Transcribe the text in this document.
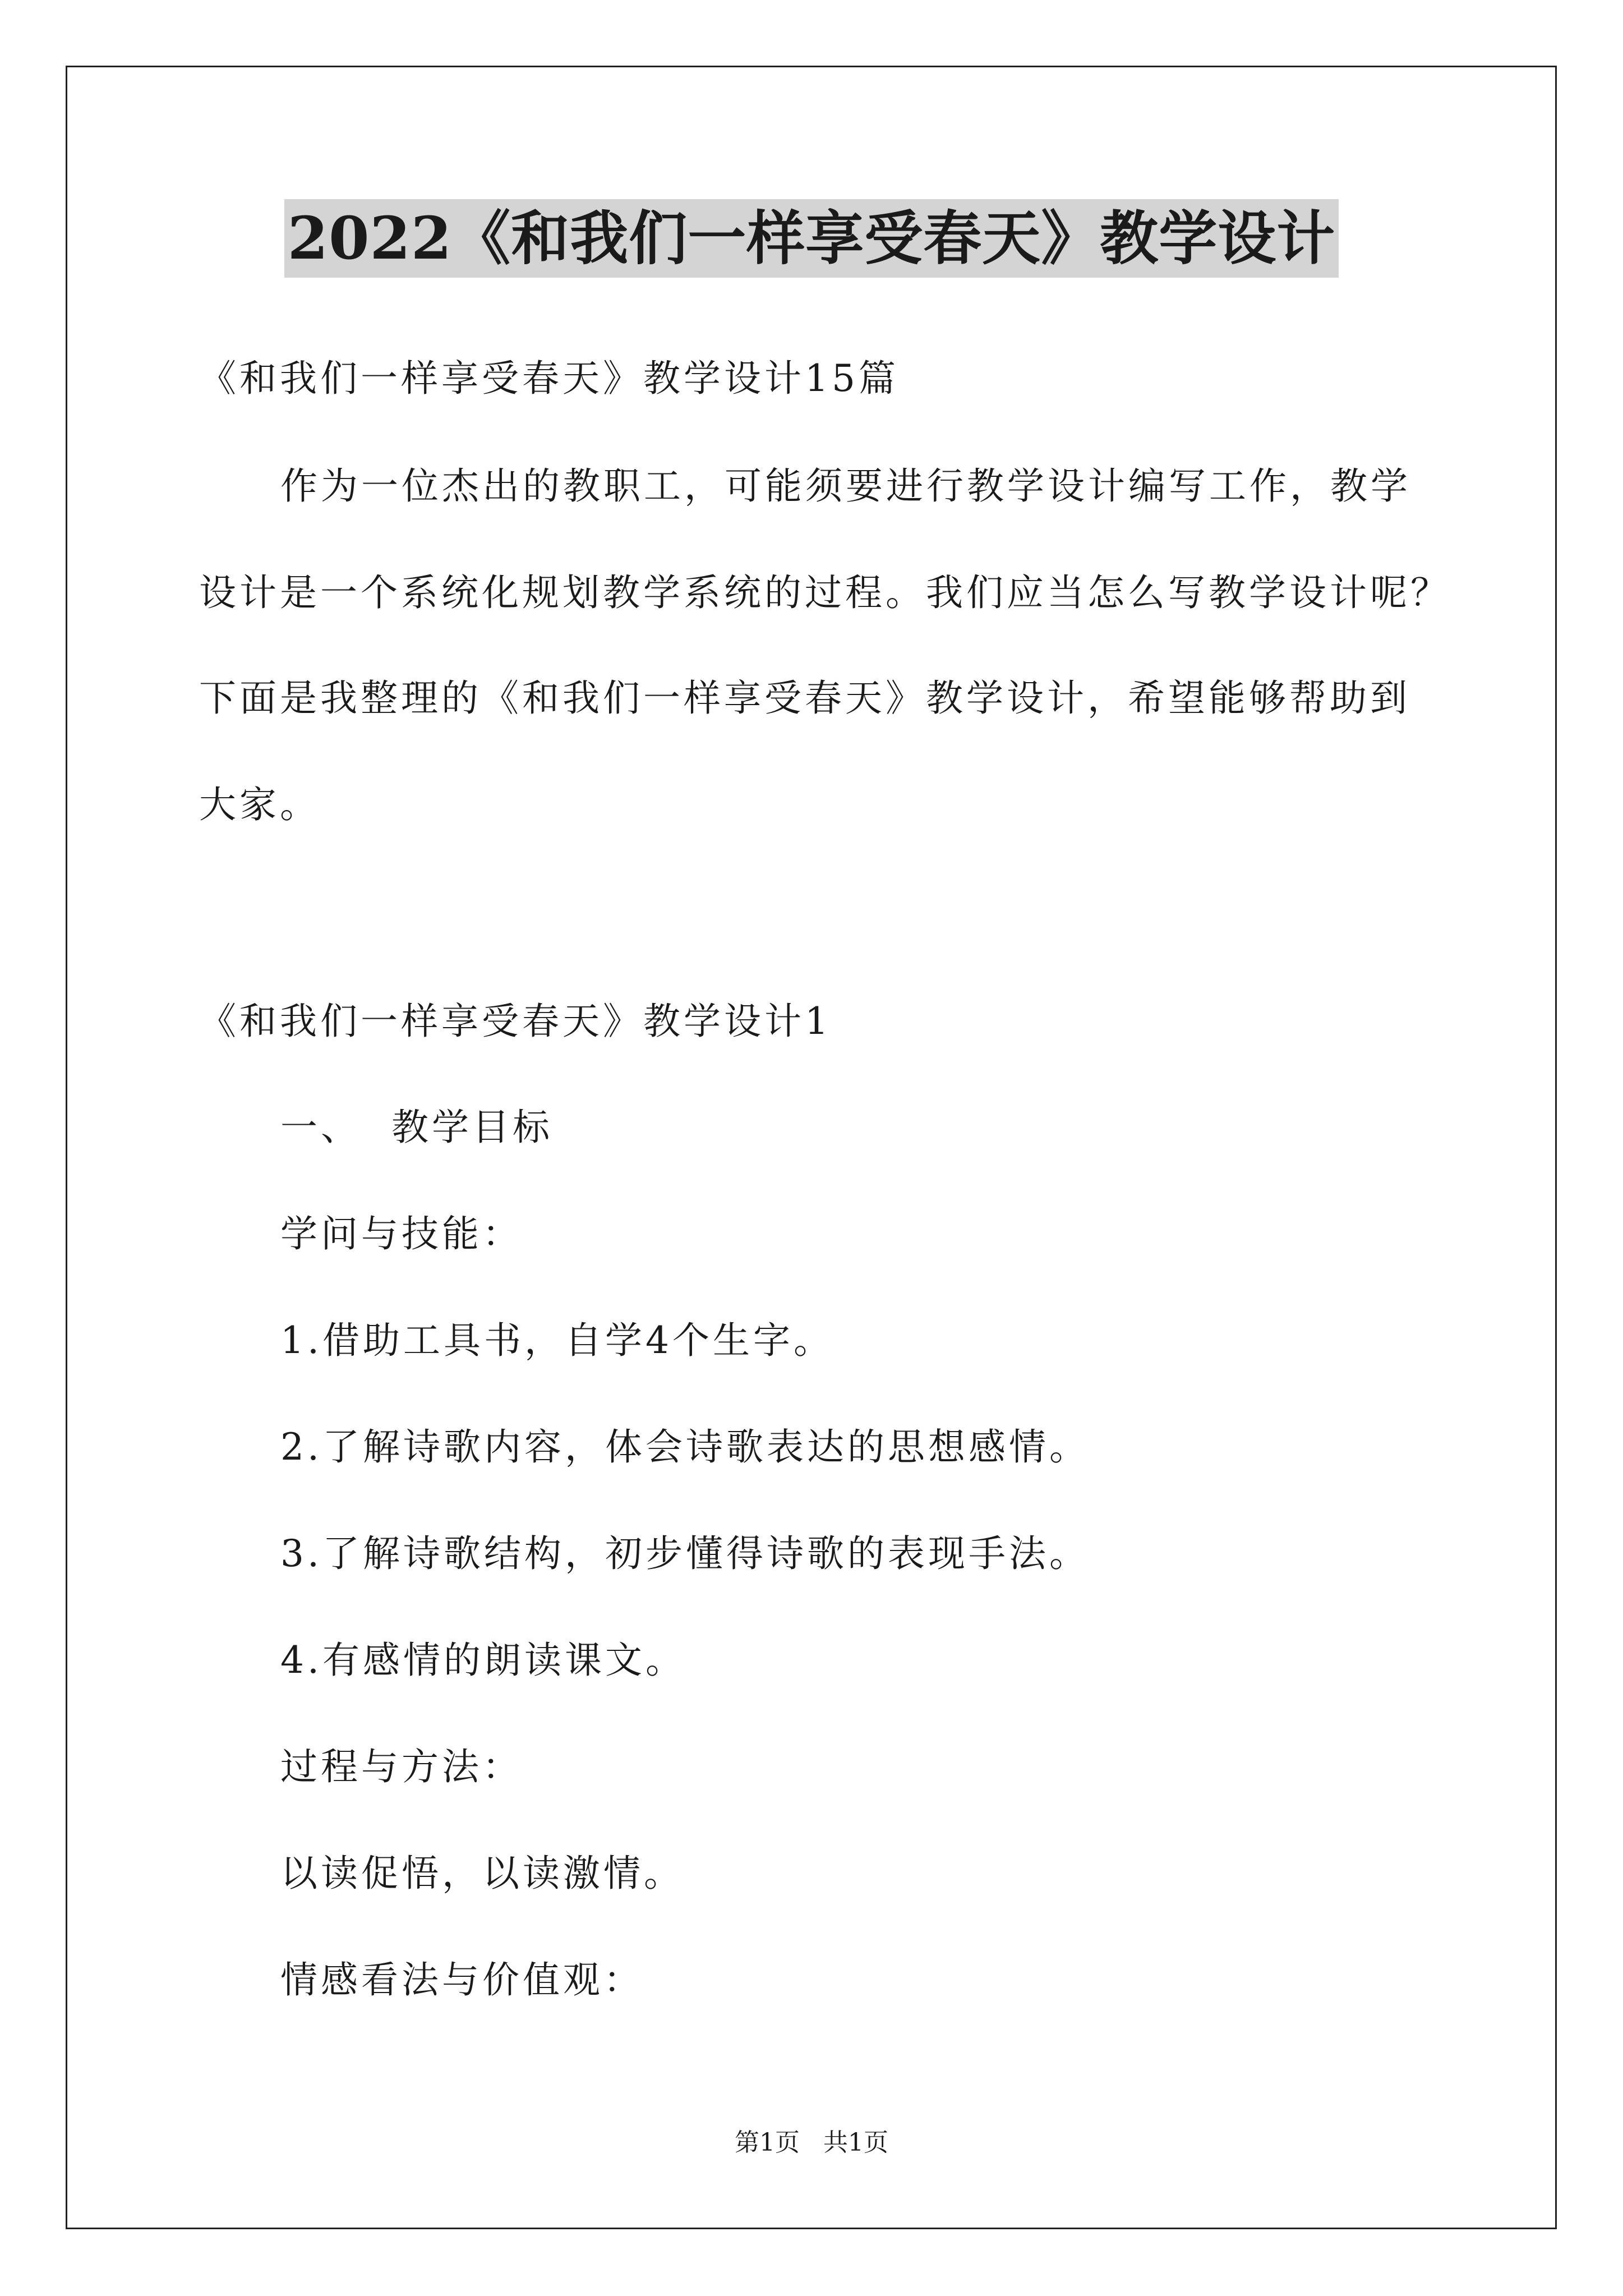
2022《和我们一样享受春天》教学设计
《和我们一样享受春天》教学设计15篇
作为一位杰出的教职工，可能须要进行教学设计编写工作，教学
设计是一个系统化规划教学系统的过程。我们应当怎么写教学设计呢？
下面是我整理的《和我们一样享受春天》教学设计，希望能够帮助到
大家。
《和我们一样享受春天》教学设计1
一、  教学目标
学问与技能：
1.借助工具书，自学4个生字。
2.了解诗歌内容，体会诗歌表达的思想感情。
3.了解诗歌结构，初步懂得诗歌的表现手法。
4.有感情的朗读课文。
过程与方法：
以读促悟，以读激情。
情感看法与价值观：
第1页   共1页
